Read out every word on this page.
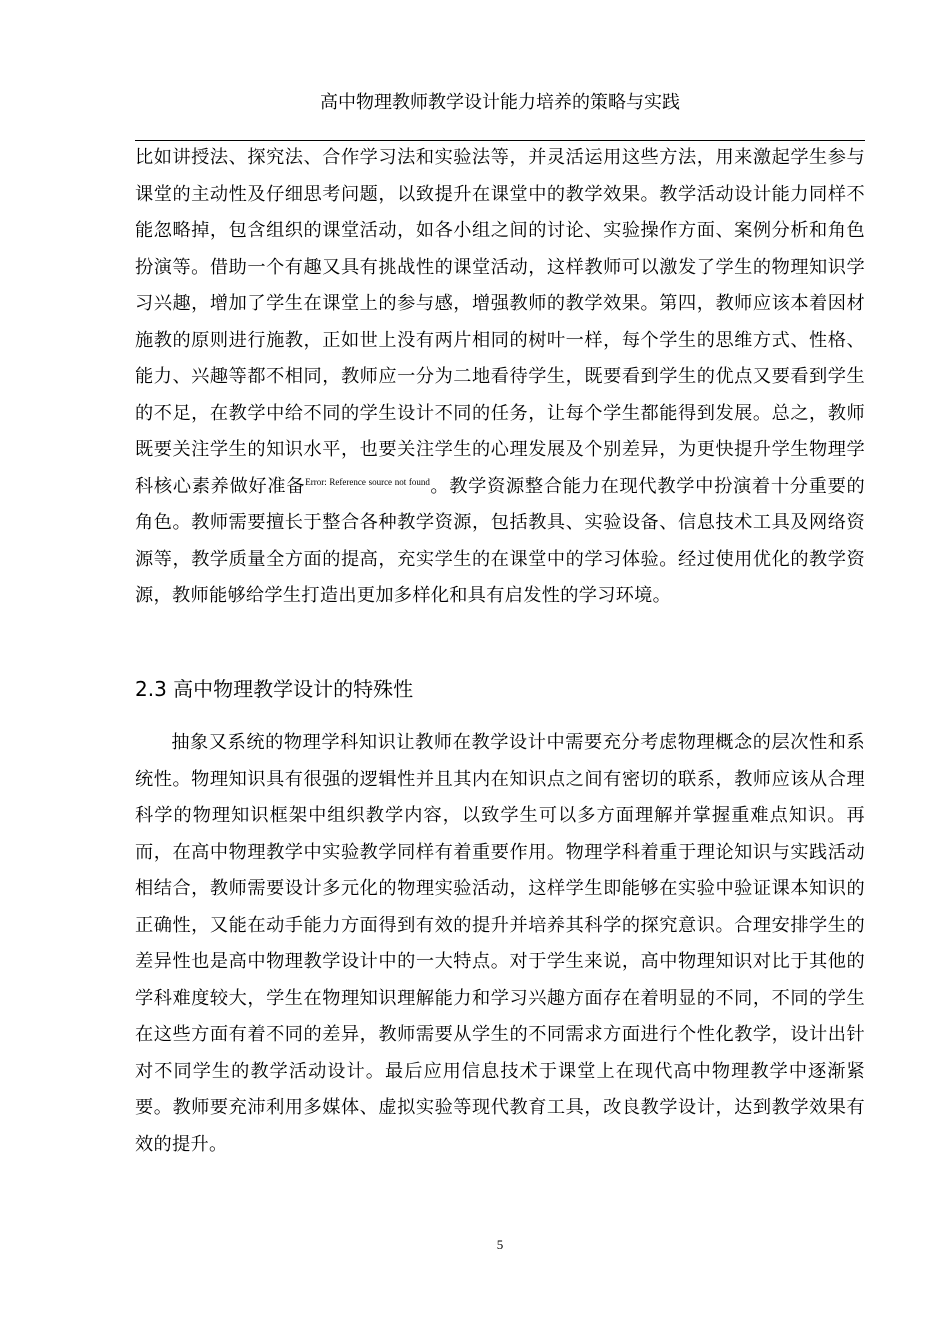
高中物理教师教学设计能力培养的策略与实践

比如讲授法、探究法、合作学习法和实验法等，并灵活运用这些方法，用来激起学生参与课堂的主动性及仔细思考问题，以致提升在课堂中的教学效果。教学活动设计能力同样不能忽略掉，包含组织的课堂活动，如各小组之间的讨论、实验操作方面、案例分析和角色扮演等。借助一个有趣又具有挑战性的课堂活动，这样教师可以激发了学生的物理知识学习兴趣，增加了学生在课堂上的参与感，增强教师的教学效果。第四，教师应该本着因材施教的原则进行施教，正如世上没有两片相同的树叶一样，每个学生的思维方式、性格、能力、兴趣等都不相同，教师应一分为二地看待学生，既要看到学生的优点又要看到学生的不足，在教学中给不同的学生设计不同的任务，让每个学生都能得到发展。总之，教师既要关注学生的知识水平，也要关注学生的心理发展及个别差异，为更快提升学生物理学科核心素养做好准备$^{Error: Reference source not found}$。教学资源整合能力在现代教学中扮演着十分重要的角色。教师需要擅长于整合各种教学资源，包括教具、实验设备、信息技术工具及网络资源等，教学质量全方面的提高，充实学生的在课堂中的学习体验。经过使用优化的教学资源，教师能够给学生打造出更加多样化和具有启发性的学习环境。

2.3 高中物理教学设计的特殊性

抽象又系统的物理学科知识让教师在教学设计中需要充分考虑物理概念的层次性和系统性。物理知识具有很强的逻辑性并且其内在知识点之间有密切的联系，教师应该从合理科学的物理知识框架中组织教学内容，以致学生可以多方面理解并掌握重难点知识。再而，在高中物理教学中实验教学同样有着重要作用。物理学科着重于理论知识与实践活动相结合，教师需要设计多元化的物理实验活动，这样学生即能够在实验中验证课本知识的正确性，又能在动手能力方面得到有效的提升并培养其科学的探究意识。合理安排学生的差异性也是高中物理教学设计中的一大特点。对于学生来说，高中物理知识对比于其他的学科难度较大，学生在物理知识理解能力和学习兴趣方面存在着明显的不同，不同的学生在这些方面有着不同的差异，教师需要从学生的不同需求方面进行个性化教学，设计出针对不同学生的教学活动设计。最后应用信息技术于课堂上在现代高中物理教学中逐渐紧要。教师要充沛利用多媒体、虚拟实验等现代教育工具，改良教学设计，达到教学效果有效的提升。

5
